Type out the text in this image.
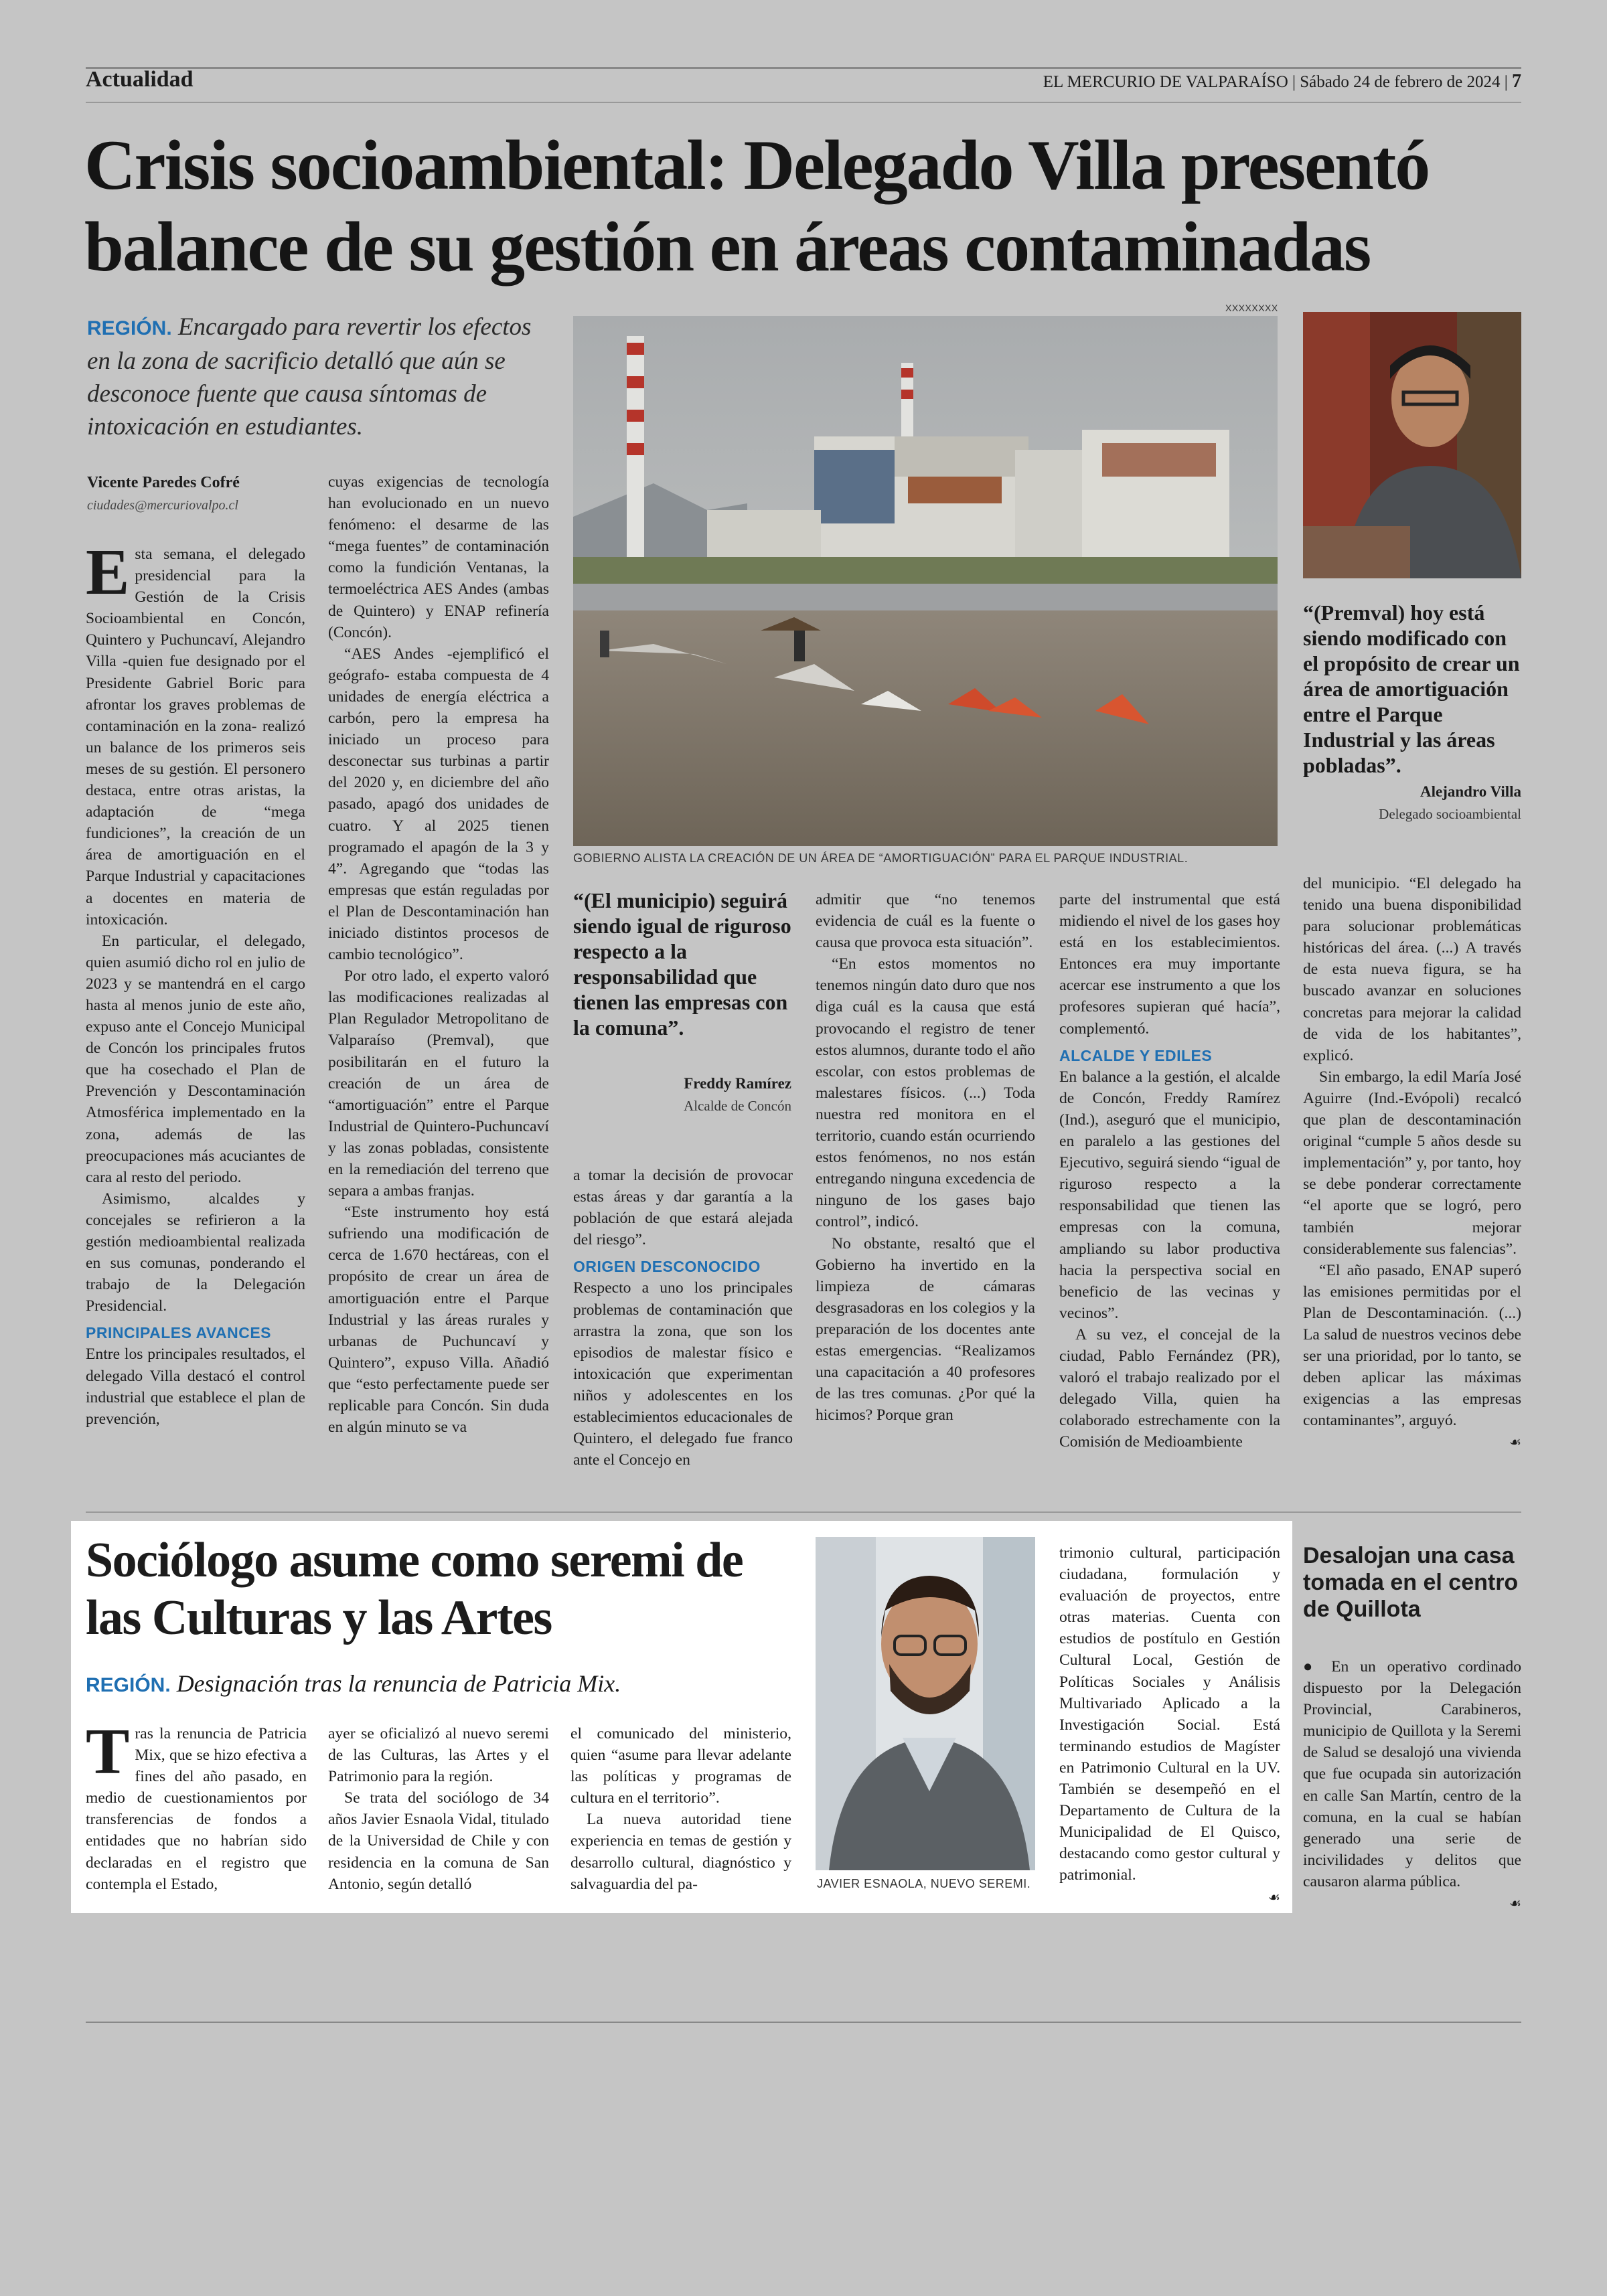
Actualidad	EL MERCURIO DE VALPARAÍSO | Sábado 24 de febrero de 2024 | 7
Crisis socioambiental: Delegado Villa presentó balance de su gestión en áreas contaminadas
REGIÓN. Encargado para revertir los efectos en la zona de sacrificio detalló que aún se desconoce fuente que causa síntomas de intoxicación en estudiantes.
Vicente Paredes Cofré
ciudades@mercuriovalpo.cl
XXXXXXXX
GOBIERNO ALISTA LA CREACIÓN DE UN ÁREA DE “AMORTIGUACIÓN” PARA EL PARQUE INDUSTRIAL.
“(Premval) hoy está siendo modificado con el propósito de crear un área de amortiguación entre el Parque Industrial y las áreas pobladas”.
Alejandro Villa
Delegado socioambiental
“(El municipio) seguirá siendo igual de riguroso respecto a la responsabilidad que tienen las empresas con la comuna”.
Freddy Ramírez
Alcalde de Concón

Esta semana, el delegado presidencial para la Gestión de la Crisis Socioambiental en Concón, Quintero y Puchuncaví, Alejandro Villa -quien fue designado por el Presidente Gabriel Boric para afrontar los graves problemas de contaminación en la zona- realizó un balance de los primeros seis meses de su gestión. El personero destaca, entre otras aristas, la adaptación de “mega fundiciones”, la creación de un área de amortiguación en el Parque Industrial y capacitaciones a docentes en materia de intoxicación.

En particular, el delegado, quien asumió dicho rol en julio de 2023 y se mantendrá en el cargo hasta al menos junio de este año, expuso ante el Concejo Municipal de Concón los principales frutos que ha cosechado el Plan de Prevención y Descontaminación Atmosférica implementado en la zona, además de las preocupaciones más acuciantes de cara al resto del periodo.

Asimismo, alcaldes y concejales se refirieron a la gestión medioambiental realizada en sus comunas, ponderando el trabajo de la Delegación Presidencial.

PRINCIPALES AVANCES

Entre los principales resultados, el delegado Villa destacó el control industrial que establece el plan de prevención,

cuyas exigencias de tecnología han evolucionado en un nuevo fenómeno: el desarme de las “mega fuentes” de contaminación como la fundición Ventanas, la termoeléctrica AES Andes (ambas de Quintero) y ENAP refinería (Concón).

“AES Andes -ejemplificó el geógrafo- estaba compuesta de 4 unidades de energía eléctrica a carbón, pero la empresa ha iniciado un proceso para desconectar sus turbinas a partir del 2020 y, en diciembre del año pasado, apagó dos unidades de cuatro. Y al 2025 tienen programado el apagón de la 3 y 4”. Agregando que “todas las empresas que están reguladas por el Plan de Descontaminación han iniciado distintos procesos de cambio tecnológico”.

Por otro lado, el experto valoró las modificaciones realizadas al Plan Regulador Metropolitano de Valparaíso (Premval), que posibilitarán en el futuro la creación de un área de “amortiguación” entre el Parque Industrial de Quintero-Puchuncaví y las zonas pobladas, consistente en la remediación del terreno que separa a ambas franjas.

“Este instrumento hoy está sufriendo una modificación de cerca de 1.670 hectáreas, con el propósito de crear un área de amortiguación entre el Parque Industrial y las áreas rurales y urbanas de Puchuncaví y Quintero”, expuso Villa. Añadió que “esto perfectamente puede ser replicable para Concón. Sin duda en algún minuto se va

a tomar la decisión de provocar estas áreas y dar garantía a la población de que estará alejada del riesgo”.

ORIGEN DESCONOCIDO

Respecto a uno los principales problemas de contaminación que arrastra la zona, que son los episodios de malestar físico e intoxicación que experimentan niños y adolescentes en los establecimientos educacionales de Quintero, el delegado fue franco ante el Concejo en

admitir que “no tenemos evidencia de cuál es la fuente o causa que provoca esta situación”.

“En estos momentos no tenemos ningún dato duro que nos diga cuál es la causa que está provocando el registro de tener estos alumnos, durante todo el año escolar, con estos problemas de malestares físicos. (...) Toda nuestra red monitora en el territorio, cuando están ocurriendo estos fenómenos, no nos están entregando ninguna excedencia de ninguno de los gases bajo control”, indicó.

No obstante, resaltó que el Gobierno ha invertido en la limpieza de cámaras desgrasadoras en los colegios y la preparación de los docentes ante estas emergencias. “Realizamos una capacitación a 40 profesores de las tres comunas. ¿Por qué la hicimos? Porque gran

parte del instrumental que está midiendo el nivel de los gases hoy está en los establecimientos. Entonces era muy importante acercar ese instrumento a que los profesores supieran qué hacía”, complementó.

ALCALDE Y EDILES

En balance a la gestión, el alcalde de Concón, Freddy Ramírez (Ind.), aseguró que el municipio, en paralelo a las gestiones del Ejecutivo, seguirá siendo “igual de riguroso respecto a la responsabilidad que tienen las empresas con la comuna, ampliando su labor productiva hacia la perspectiva social en beneficio de las vecinas y vecinos”.

A su vez, el concejal de la ciudad, Pablo Fernández (PR), valoró el trabajo realizado por el delegado Villa, quien ha colaborado estrechamente con la Comisión de Medioambiente

del municipio. “El delegado ha tenido una buena disponibilidad para solucionar problemáticas históricas del área. (...) A través de esta nueva figura, se ha buscado avanzar en soluciones concretas para mejorar la calidad de vida de los habitantes”, explicó.

Sin embargo, la edil María José Aguirre (Ind.-Evópoli) recalcó que plan de descontaminación original “cumple 5 años desde su implementación” y, por tanto, hoy se debe ponderar correctamente “el aporte que se logró, pero también mejorar considerablemente sus falencias”.

“El año pasado, ENAP superó las emisiones permitidas por el Plan de Descontaminación. (...) La salud de nuestros vecinos debe ser una prioridad, por lo tanto, se deben aplicar las máximas exigencias a las empresas contaminantes”, arguyó.

☙
Sociólogo asume como seremi de las Culturas y las Artes
REGIÓN. Designación tras la renuncia de Patricia Mix.

Tras la renuncia de Patricia Mix, que se hizo efectiva a fines del año pasado, en medio de cuestionamientos por transferencias de fondos a entidades que no habrían sido declaradas en el registro que contempla el Estado,

ayer se oficializó al nuevo seremi de las Culturas, las Artes y el Patrimonio para la región.

Se trata del sociólogo de 34 años Javier Esnaola Vidal, titulado de la Universidad de Chile y con residencia en la comuna de San Antonio, según detalló

el comunicado del ministerio, quien “asume para llevar adelante las políticas y programas de cultura en el territorio”.

La nueva autoridad tiene experiencia en temas de gestión y desarrollo cultural, diagnóstico y salvaguardia del pa-	JAVIER ESNAOLA, NUEVO SEREMI.

trimonio cultural, participación ciudadana, formulación y evaluación de proyectos, entre otras materias. Cuenta con estudios de postítulo en Gestión Cultural Local, Gestión de Políticas Sociales y Análisis Multivariado Aplicado a la Investigación Social. Está terminando estudios de Magíster en Patrimonio Cultural en la UV. También se desempeñó en el Departamento de Cultura de la Municipalidad de El Quisco, destacando como gestor cultural y patrimonial.

☙
Desalojan una casa tomada en el centro de Quillota

● En un operativo cordinado dispuesto por la Delegación Provincial, Carabineros, municipio de Quillota y la Seremi de Salud se desalojó una vivienda que fue ocupada sin autorización en calle San Martín, centro de la comuna, en la cual se habían generado una serie de incivilidades y delitos que causaron alarma pública.

☙
